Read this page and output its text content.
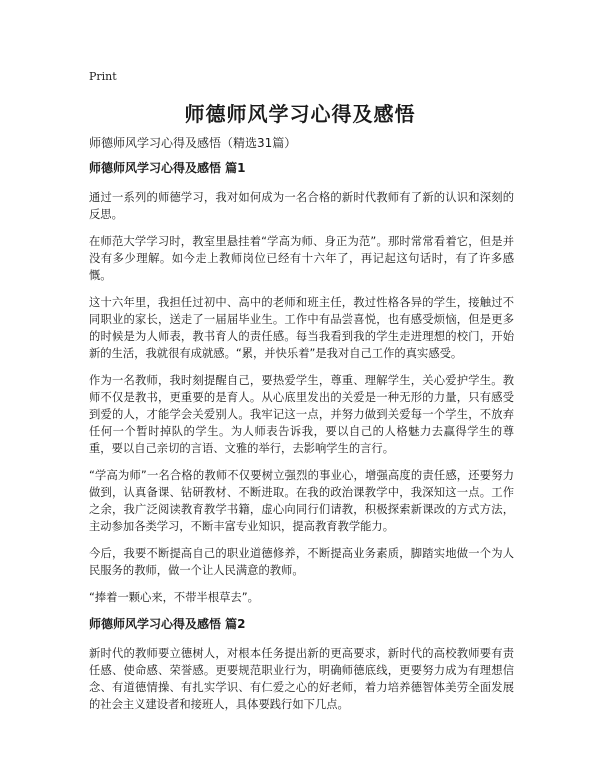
Print
师德师风学习心得及感悟
师德师风学习心得及感悟（精选31篇）
师德师风学习心得及感悟 篇1

通过一系列的师德学习，我对如何成为一名合格的新时代教师有了新的认识和深刻的反思。

在师范大学学习时，教室里悬挂着“学高为师、身正为范”。那时常常看着它，但是并没有多少理解。如今走上教师岗位已经有十六年了，再记起这句话时，有了许多感慨。

这十六年里，我担任过初中、高中的老师和班主任，教过性格各异的学生，接触过不同职业的家长，送走了一届届毕业生。工作中有品尝喜悦，也有感受烦恼，但是更多的时候是为人师表，教书育人的责任感。每当我看到我的学生走进理想的校门，开始新的生活，我就很有成就感。“累，并快乐着”是我对自己工作的真实感受。

作为一名教师，我时刻提醒自己，要热爱学生，尊重、理解学生，关心爱护学生。教师不仅是教书，更重要的是育人。从心底里发出的关爱是一种无形的力量，只有感受到爱的人，才能学会关爱别人。我牢记这一点，并努力做到关爱每一个学生，不放弃任何一个暂时掉队的学生。为人师表告诉我，要以自己的人格魅力去赢得学生的尊重，要以自己亲切的言语、文雅的举行，去影响学生的言行。

“学高为师”一名合格的教师不仅要树立强烈的事业心，增强高度的责任感，还要努力做到，认真备课、钻研教材、不断进取。在我的政治课教学中，我深知这一点。工作之余，我广泛阅读教育教学书籍，虚心向同行们请教，积极探索新课改的方式方法，主动参加各类学习，不断丰富专业知识，提高教育教学能力。

今后，我要不断提高自己的职业道德修养，不断提高业务素质，脚踏实地做一个为人民服务的教师，做一个让人民满意的教师。

“捧着一颗心来，不带半根草去”。

师德师风学习心得及感悟 篇2

新时代的教师要立德树人，对根本任务提出新的更高要求，新时代的高校教师要有责任感、使命感、荣誉感。更要规范职业行为，明确师德底线，更要努力成为有理想信念、有道德情操、有扎实学识、有仁爱之心的好老师，着力培养德智体美劳全面发展的社会主义建设者和接班人，具体要践行如下几点。
